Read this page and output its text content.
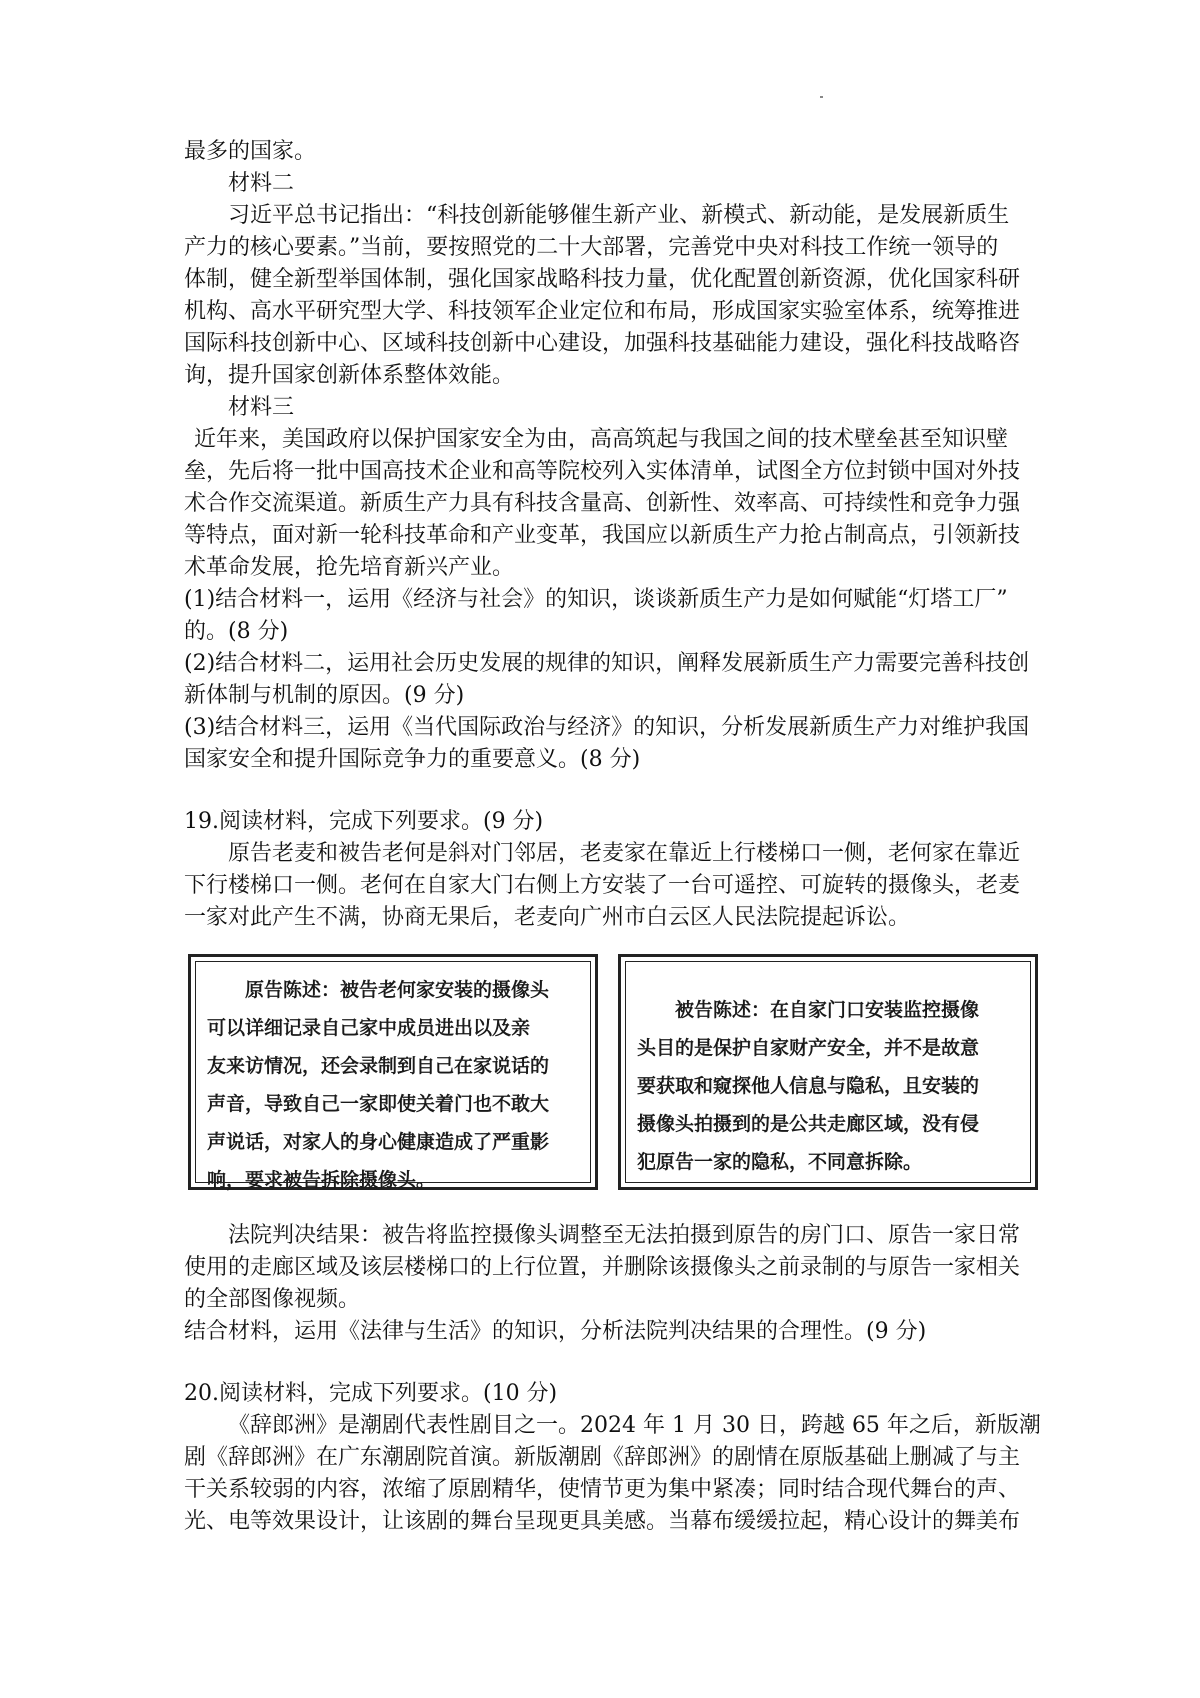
最多的国家。
材料二
习近平总书记指出：“科技创新能够催生新产业、新模式、新动能，是发展新质生
产力的核心要素。”当前，要按照党的二十大部署，完善党中央对科技工作统一领导的
体制，健全新型举国体制，强化国家战略科技力量，优化配置创新资源，优化国家科研
机构、高水平研究型大学、科技领军企业定位和布局，形成国家实验室体系，统筹推进
国际科技创新中心、区域科技创新中心建设，加强科技基础能力建设，强化科技战略咨
询，提升国家创新体系整体效能。
材料三
近年来，美国政府以保护国家安全为由，高高筑起与我国之间的技术壁垒甚至知识壁
垒，先后将一批中国高技术企业和高等院校列入实体清单，试图全方位封锁中国对外技
术合作交流渠道。新质生产力具有科技含量高、创新性、效率高、可持续性和竞争力强
等特点，面对新一轮科技革命和产业变革，我国应以新质生产力抢占制高点，引领新技
术革命发展，抢先培育新兴产业。
(1)结合材料一，运用《经济与社会》的知识，谈谈新质生产力是如何赋能“灯塔工厂”
的。(8 分)
(2)结合材料二，运用社会历史发展的规律的知识，阐释发展新质生产力需要完善科技创
新体制与机制的原因。(9 分)
(3)结合材料三，运用《当代国际政治与经济》的知识，分析发展新质生产力对维护我国
国家安全和提升国际竞争力的重要意义。(8 分)
19.阅读材料，完成下列要求。(9 分)
原告老麦和被告老何是斜对门邻居，老麦家在靠近上行楼梯口一侧，老何家在靠近
下行楼梯口一侧。老何在自家大门右侧上方安装了一台可遥控、可旋转的摄像头，老麦
一家对此产生不满，协商无果后，老麦向广州市白云区人民法院提起诉讼。
法院判决结果：被告将监控摄像头调整至无法拍摄到原告的房门口、原告一家日常
使用的走廊区域及该层楼梯口的上行位置，并删除该摄像头之前录制的与原告一家相关
的全部图像视频。
结合材料，运用《法律与生活》的知识，分析法院判决结果的合理性。(9 分)
20.阅读材料，完成下列要求。(10 分)
《辞郎洲》是潮剧代表性剧目之一。2024 年 1 月 30 日，跨越 65 年之后，新版潮
剧《辞郎洲》在广东潮剧院首演。新版潮剧《辞郎洲》的剧情在原版基础上删减了与主
干关系较弱的内容，浓缩了原剧精华，使情节更为集中紧凑；同时结合现代舞台的声、
光、电等效果设计，让该剧的舞台呈现更具美感。当幕布缓缓拉起，精心设计的舞美布
　　原告陈述：被告老何家安装的摄像头
可以详细记录自己家中成员进出以及亲
友来访情况，还会录制到自己在家说话的
声音，导致自己一家即使关着门也不敢大
声说话，对家人的身心健康造成了严重影
响，要求被告拆除摄像头。
　　被告陈述：在自家门口安装监控摄像
头目的是保护自家财产安全，并不是故意
要获取和窥探他人信息与隐私，且安装的
摄像头拍摄到的是公共走廊区域，没有侵
犯原告一家的隐私，不同意拆除。
